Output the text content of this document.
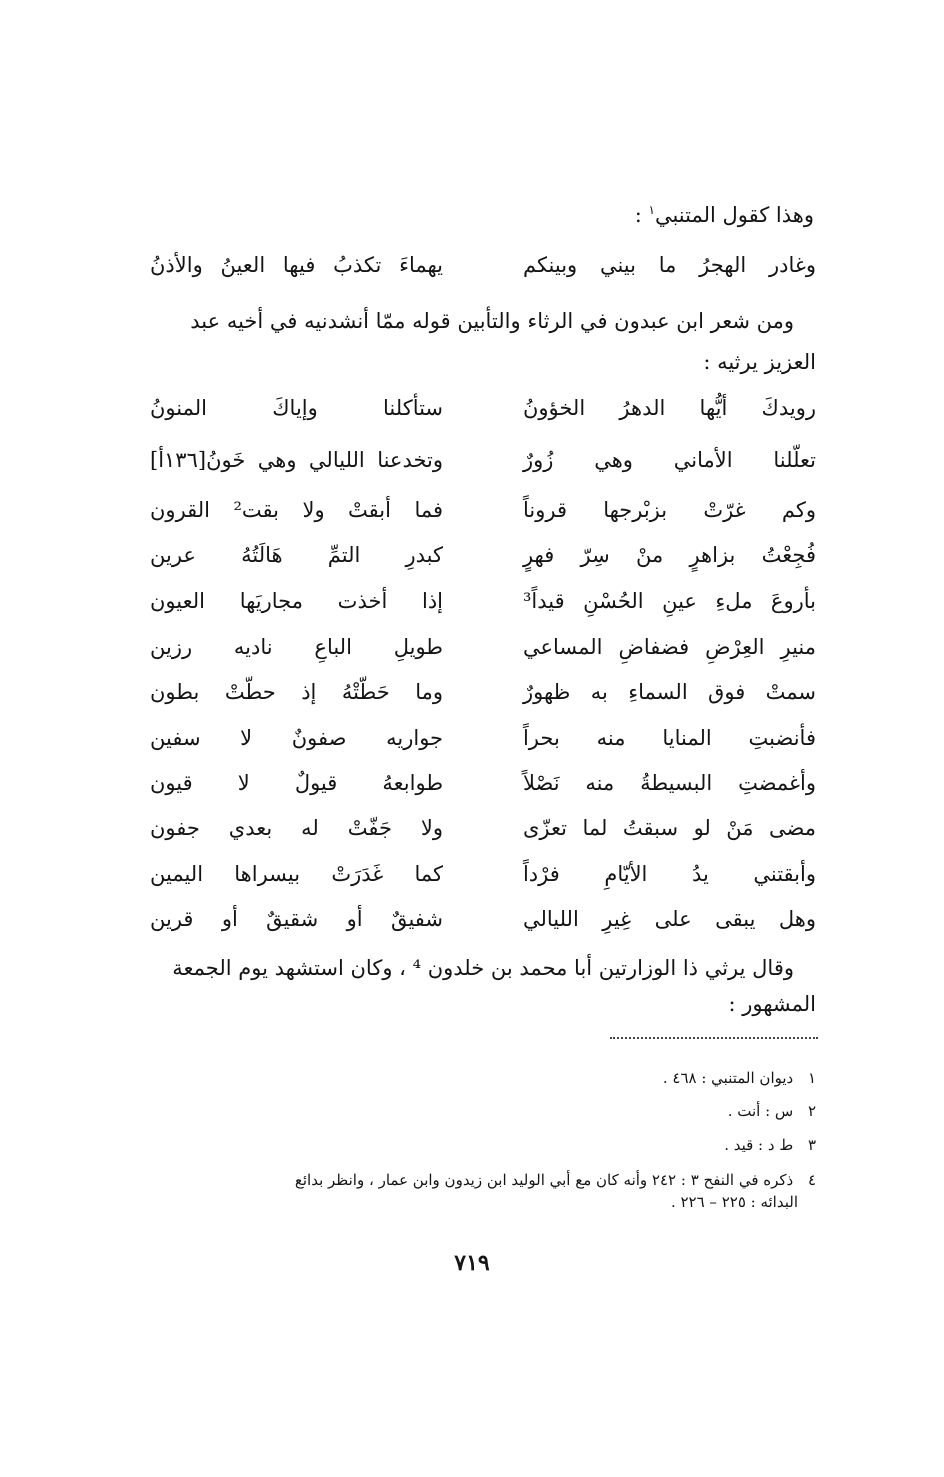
وهذا كقول المتنبي$^١$ :
وغادر الهجرُ ما بيني وبينكم
يهماءَ تكذبُ فيها العينُ والأذنُ
ومن شعر ابن عبدون في الرثاء والتأبين قوله ممّا أنشدنيه في أخيه عبد
العزيز يرثيه :
رويدكَ أيُّها الدهرُ الخؤونُ
ستأكلنا وإياكَ المنونُ
تعلّلنا الأماني وهي زُورٌ
وتخدعنا الليالي وهي خَونُ[١٣٦أ]
وكم غرّتْ بزبْرجها قروناً
فما أبقتْ ولا بقت² القرون
فُجِعْتُ بزاهرٍ منْ سِرّ فهرٍ
كبدرِ التمِّ هَالَتُهُ عرين
بأروعَ ملءِ عينِ الحُسْنِ قيداً³
إذا أخذت مجاريَها العيون
منيرِ العِرْضِ فضفاضِ المساعي
طويلِ الباعِ ناديه رزين
سمتْ فوق السماءِ به ظهورٌ
وما حَطّتْهُ إذ حطّتْ بطون
فأنضبتِ المنايا منه بحراً
جواريه صفونٌ لا سفين
وأغمضتِ البسيطةُ منه نَصْلاً
طوابعهُ قيولٌ لا قيون
مضى مَنْ لو سبقتُ لما تعزّى
ولا جَفّتْ له بعدي جفون
وأبقتني يدُ الأيّامِ فرْداً
كما غَدَرَتْ بيسراها اليمين
وهل يبقى على غِيرِ الليالي
شفيقٌ أو شقيقٌ أو قرين
وقال يرثي ذا الوزارتين أبا محمد بن خلدون ⁴ ، وكان استشهد يوم الجمعة
المشهور :
١ ديوان المتنبي : ٤٦٨ .
٢ س : أنت .
٣ ط د : قيد .
٤ ذكره في النفح ٣ : ٢٤٢ وأنه كان مع أبي الوليد ابن زيدون وابن عمار ، وانظر بدائع
البدائه : ٢٢٥ – ٢٢٦ .
٧١٩
